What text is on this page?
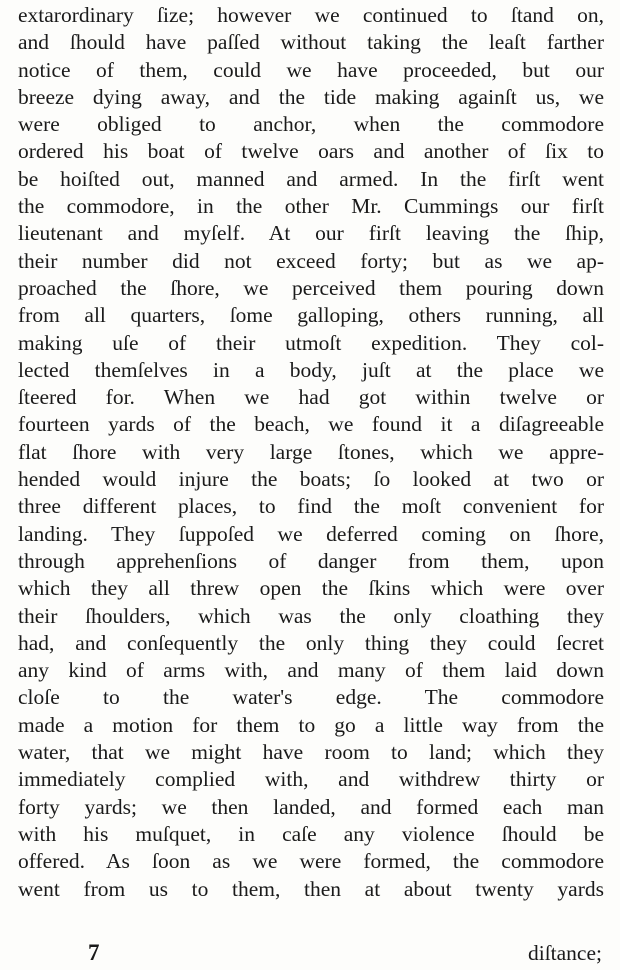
extarordinary ſize; however we continued to ſtand on,
and ſhould have paſſed without taking the leaſt farther
notice of them, could we have proceeded, but our
breeze dying away, and the tide making againſt us, we
were obliged to anchor, when the commodore
ordered his boat of twelve oars and another of ſix to
be hoiſted out, manned and armed. In the firſt went
the commodore, in the other Mr. Cummings our firſt
lieutenant and myſelf. At our firſt leaving the ſhip,
their number did not exceed forty; but as we ap-
proached the ſhore, we perceived them pouring down
from all quarters, ſome galloping, others running, all
making uſe of their utmoſt expedition. They col-
lected themſelves in a body, juſt at the place we
ſteered for. When we had got within twelve or
fourteen yards of the beach, we found it a diſagreeable
flat ſhore with very large ſtones, which we appre-
hended would injure the boats; ſo looked at two or
three different places, to find the moſt convenient for
landing. They ſuppoſed we deferred coming on ſhore,
through apprehenſions of danger from them, upon
which they all threw open the ſkins which were over
their ſhoulders, which was the only cloathing they
had, and conſequently the only thing they could ſecret
any kind of arms with, and many of them laid down
cloſe to the water's edge. The commodore
made a motion for them to go a little way from the
water, that we might have room to land; which they
immediately complied with, and withdrew thirty or
forty yards; we then landed, and formed each man
with his muſquet, in caſe any violence ſhould be
offered. As ſoon as we were formed, the commodore
went from us to them, then at about twenty yards
7	diſtance;
